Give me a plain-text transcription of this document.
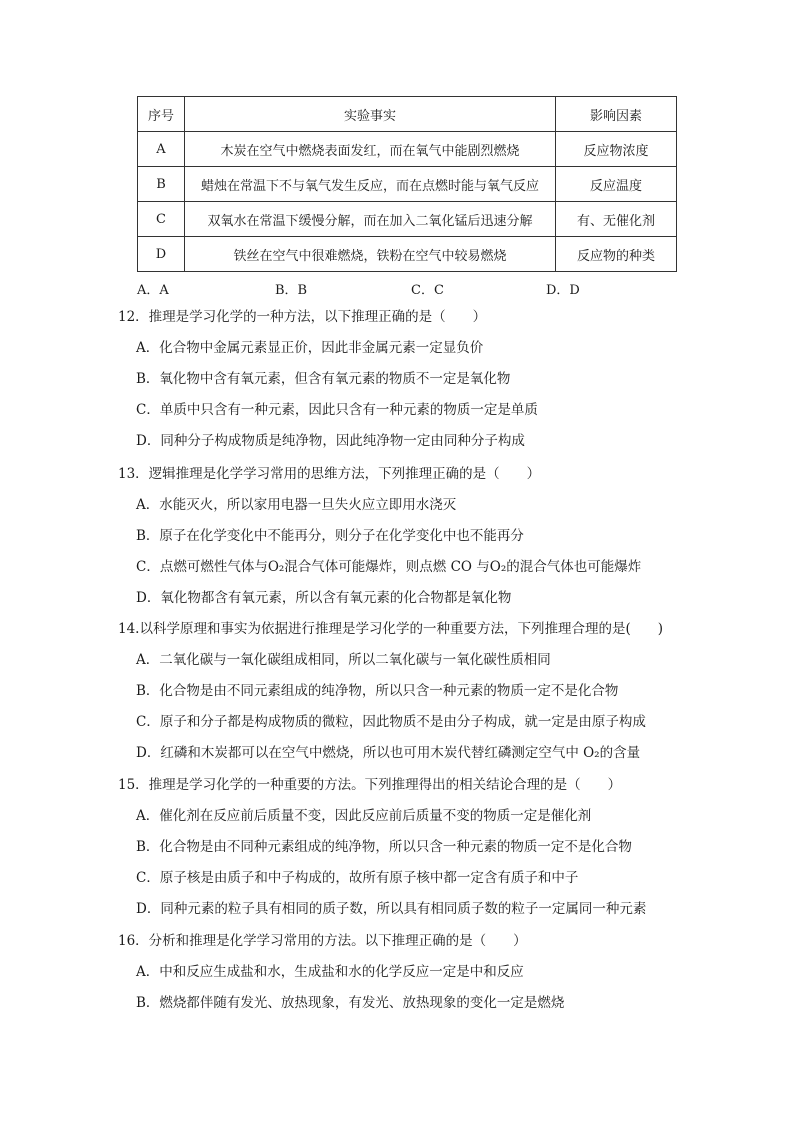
序号	实验事实	影响因素
A	木炭在空气中燃烧表面发红，而在氧气中能剧烈燃烧	反应物浓度
B	蜡烛在常温下不与氧气发生反应，而在点燃时能与氧气反应	反应温度
C	双氧水在常温下缓慢分解，而在加入二氧化锰后迅速分解	有、无催化剂
D	铁丝在空气中很难燃烧，铁粉在空气中较易燃烧	反应物的种类
A．A	B．B	C．C	D．D
12．推理是学习化学的一种方法，以下推理正确的是（　　）
A．化合物中金属元素显正价，因此非金属元素一定显负价
B．氧化物中含有氧元素，但含有氧元素的物质不一定是氧化物
C．单质中只含有一种元素，因此只含有一种元素的物质一定是单质
D．同种分子构成物质是纯净物，因此纯净物一定由同种分子构成
13．逻辑推理是化学学习常用的思维方法，下列推理正确的是（　　）
A．水能灭火，所以家用电器一旦失火应立即用水浇灭
B．原子在化学变化中不能再分，则分子在化学变化中也不能再分
C．点燃可燃性气体与O₂混合气体可能爆炸，则点燃 CO 与O₂的混合气体也可能爆炸
D．氧化物都含有氧元素，所以含有氧元素的化合物都是氧化物
14.以科学原理和事实为依据进行推理是学习化学的一种重要方法，下列推理合理的是(　　)
A．二氧化碳与一氧化碳组成相同，所以二氧化碳与一氧化碳性质相同
B．化合物是由不同元素组成的纯净物，所以只含一种元素的物质一定不是化合物
C．原子和分子都是构成物质的微粒，因此物质不是由分子构成，就一定是由原子构成
D．红磷和木炭都可以在空气中燃烧，所以也可用木炭代替红磷测定空气中 O₂的含量
15．推理是学习化学的一种重要的方法。下列推理得出的相关结论合理的是（　　）
A．催化剂在反应前后质量不变，因此反应前后质量不变的物质一定是催化剂
B．化合物是由不同种元素组成的纯净物，所以只含一种元素的物质一定不是化合物
C．原子核是由质子和中子构成的，故所有原子核中都一定含有质子和中子
D．同种元素的粒子具有相同的质子数，所以具有相同质子数的粒子一定属同一种元素
16．分析和推理是化学学习常用的方法。以下推理正确的是（　　）
A．中和反应生成盐和水，生成盐和水的化学反应一定是中和反应
B．燃烧都伴随有发光、放热现象，有发光、放热现象的变化一定是燃烧
